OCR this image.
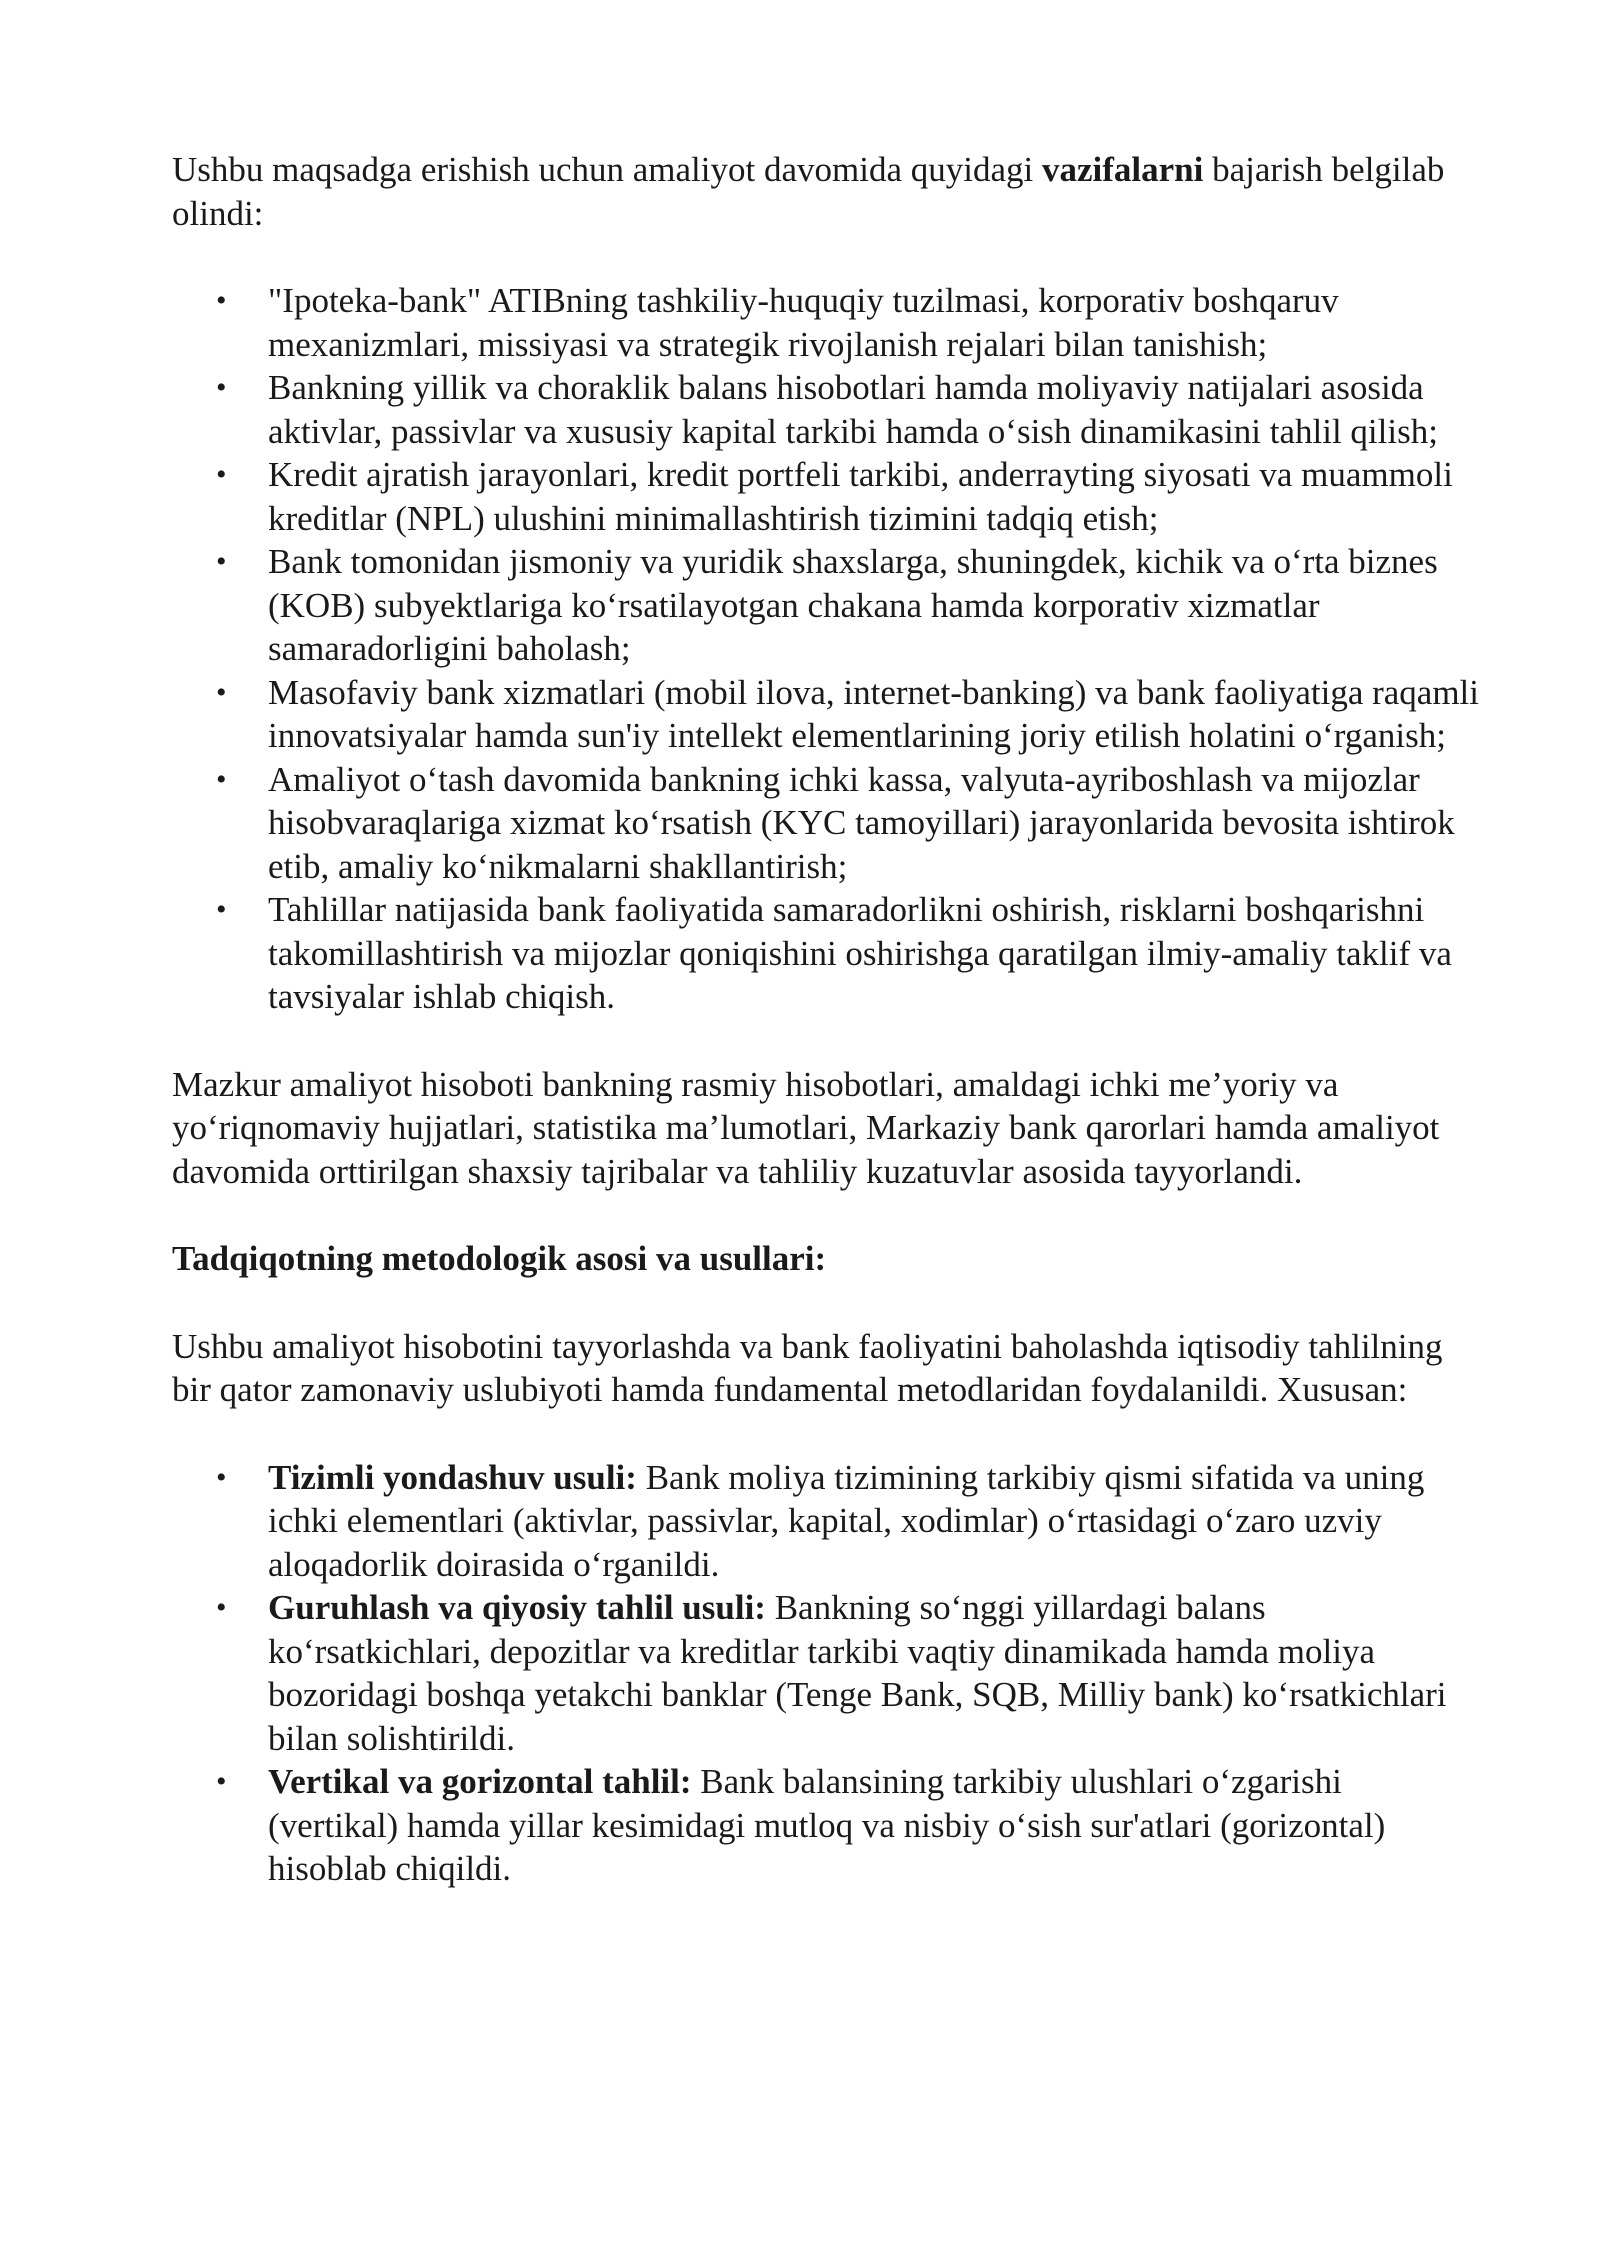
Ushbu maqsadga erishish uchun amaliyot davomida quyidagi vazifalarni bajarish belgilab olindi:

• "Ipoteka-bank" ATIBning tashkiliy-huquqiy tuzilmasi, korporativ boshqaruv mexanizmlari, missiyasi va strategik rivojlanish rejalari bilan tanishish;
• Bankning yillik va choraklik balans hisobotlari hamda moliyaviy natijalari asosida aktivlar, passivlar va xususiy kapital tarkibi hamda o‘sish dinamikasini tahlil qilish;
• Kredit ajratish jarayonlari, kredit portfeli tarkibi, anderrayting siyosati va muammoli kreditlar (NPL) ulushini minimallashtirish tizimini tadqiq etish;
• Bank tomonidan jismoniy va yuridik shaxslarga, shuningdek, kichik va o‘rta biznes (KOB) subyektlariga ko‘rsatilayotgan chakana hamda korporativ xizmatlar samaradorligini baholash;
• Masofaviy bank xizmatlari (mobil ilova, internet-banking) va bank faoliyatiga raqamli innovatsiyalar hamda sun'iy intellekt elementlarining joriy etilish holatini o‘rganish;
• Amaliyot o‘tash davomida bankning ichki kassa, valyuta-ayriboshlash va mijozlar hisobvaraqlariga xizmat ko‘rsatish (KYC tamoyillari) jarayonlarida bevosita ishtirok etib, amaliy ko‘nikmalarni shakllantirish;
• Tahlillar natijasida bank faoliyatida samaradorlikni oshirish, risklarni boshqarishni takomillashtirish va mijozlar qoniqishini oshirishga qaratilgan ilmiy-amaliy taklif va tavsiyalar ishlab chiqish.

Mazkur amaliyot hisoboti bankning rasmiy hisobotlari, amaldagi ichki me’yoriy va yo‘riqnomaviy hujjatlari, statistika ma’lumotlari, Markaziy bank qarorlari hamda amaliyot davomida orttirilgan shaxsiy tajribalar va tahliliy kuzatuvlar asosida tayyorlandi.

Tadqiqotning metodologik asosi va usullari:

Ushbu amaliyot hisobotini tayyorlashda va bank faoliyatini baholashda iqtisodiy tahlilning bir qator zamonaviy uslubiyoti hamda fundamental metodlaridan foydalanildi. Xususan:

• Tizimli yondashuv usuli: Bank moliya tizimining tarkibiy qismi sifatida va uning ichki elementlari (aktivlar, passivlar, kapital, xodimlar) o‘rtasidagi o‘zaro uzviy aloqadorlik doirasida o‘rganildi.
• Guruhlash va qiyosiy tahlil usuli: Bankning so‘nggi yillardagi balans ko‘rsatkichlari, depozitlar va kreditlar tarkibi vaqtiy dinamikada hamda moliya bozoridagi boshqa yetakchi banklar (Tenge Bank, SQB, Milliy bank) ko‘rsatkichlari bilan solishtirildi.
• Vertikal va gorizontal tahlil: Bank balansining tarkibiy ulushlari o‘zgarishi (vertikal) hamda yillar kesimidagi mutloq va nisbiy o‘sish sur'atlari (gorizontal) hisoblab chiqildi.
